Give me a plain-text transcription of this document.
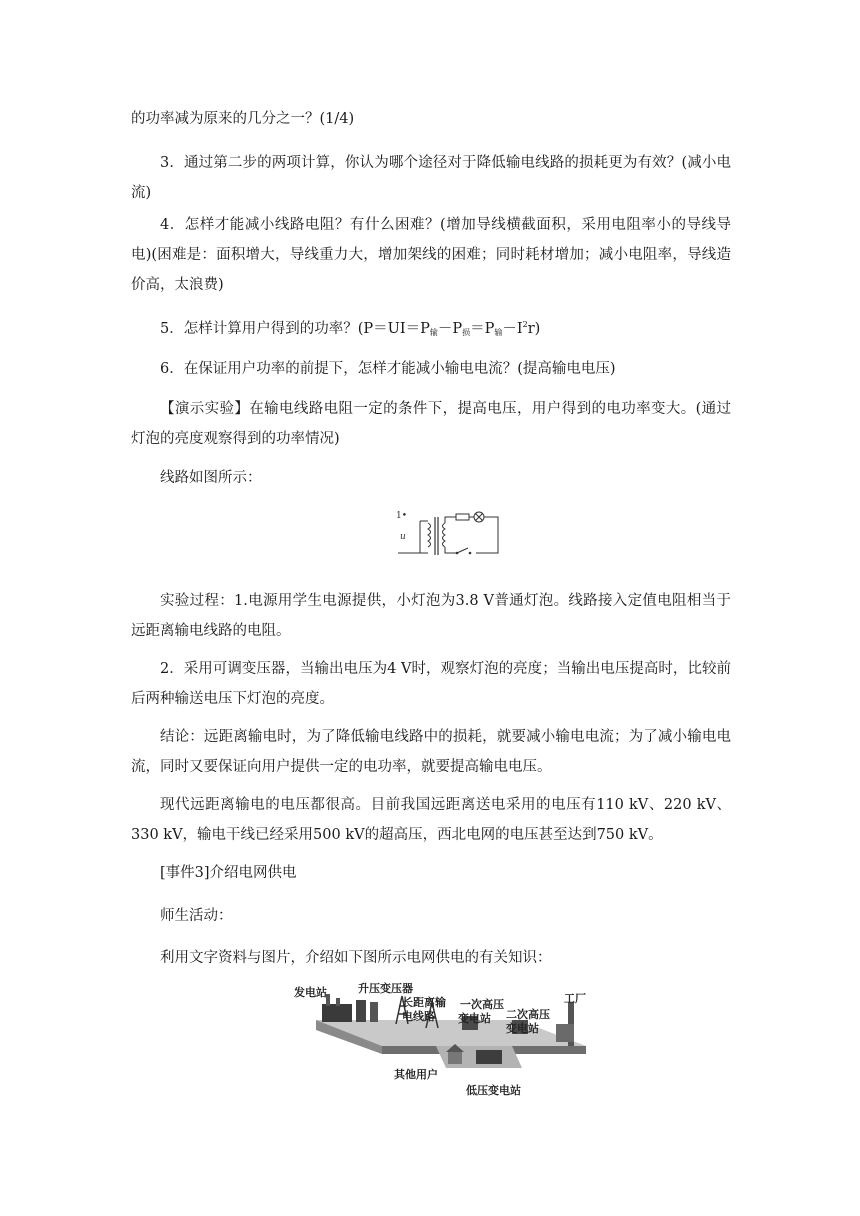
的功率减为原来的几分之一？(1/4)

3．通过第二步的两项计算，你认为哪个途径对于降低输电线路的损耗更为有效？(减小电流)

4．怎样才能减小线路电阻？有什么困难？(增加导线横截面积，采用电阻率小的导线导电)(困难是：面积增大，导线重力大，增加架线的困难；同时耗材增加；减小电阻率，导线造价高，太浪费)

5．怎样计算用户得到的功率？$(P=UI=P_输-P_损=P_输-I^2r)$

6．在保证用户功率的前提下，怎样才能减小输电电流？(提高输电电压)

【演示实验】在输电线路电阻一定的条件下，提高电压，用户得到的电功率变大。(通过灯泡的亮度观察得到的功率情况)

线路如图所示：

1•
u

实验过程：1.电源用学生电源提供，小灯泡为3.8 V普通灯泡。线路接入定值电阻相当于远距离输电线路的电阻。

2．采用可调变压器，当输出电压为4 V时，观察灯泡的亮度；当输出电压提高时，比较前后两种输送电压下灯泡的亮度。

结论：远距离输电时，为了降低输电线路中的损耗，就要减小输电电流；为了减小输电电流，同时又要保证向用户提供一定的电功率，就要提高输电电压。

现代远距离输电的电压都很高。目前我国远距离送电采用的电压有110 kV、220 kV、330 kV，输电干线已经采用500 kV的超高压，西北电网的电压甚至达到750 kV。

[事件3]介绍电网供电

师生活动：

利用文字资料与图片，介绍如下图所示电网供电的有关知识：

发电站	升压变压器
长距离输
电线路
一次高压
变电站 二次高压
变电站
工厂
其他用户
低压变电站
